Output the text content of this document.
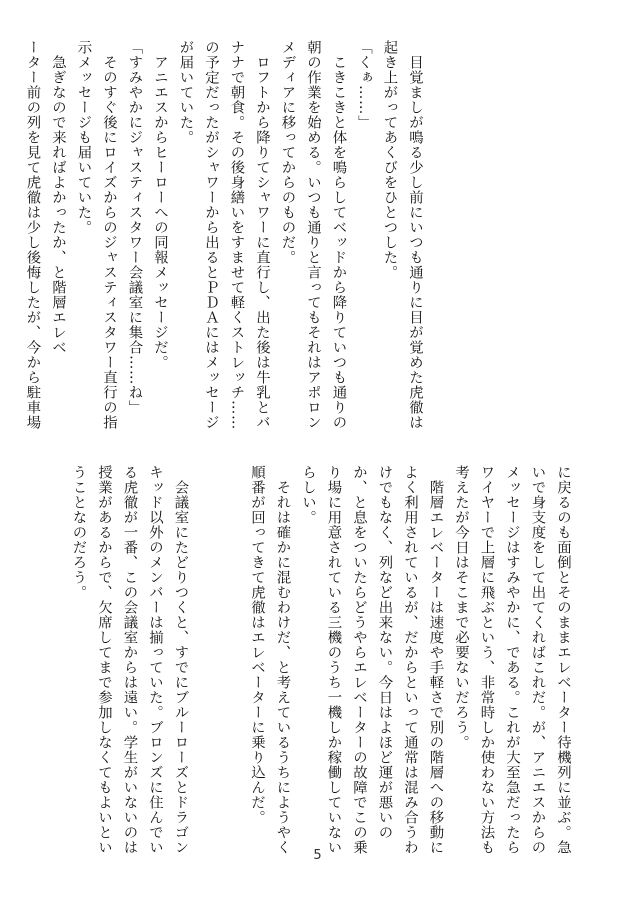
　目覚ましが鳴る少し前にいつも通りに目が覚めた虎徹は
起き上がってあくびをひとつした。
「くぁ……」
　こきこきと体を鳴らしてベッドから降りていつも通りの
朝の作業を始める。いつも通りと言ってもそれはアポロン
メディアに移ってからのものだ。
　ロフトから降りてシャワーに直行し、出た後は牛乳とバ
ナナで朝食。その後身繕いをすませて軽くストレッチ……
の予定だったがシャワーから出るとＰＤＡにはメッセージ
が届いていた。
　アニエスからヒーローへの同報メッセージだ。
「すみやかにジャスティスタワー会議室に集合……ね」
　そのすぐ後にロイズからのジャスティスタワー直行の指
示メッセージも届いていた。
　急ぎなので来ればよかったか、と階層エレベ
ーター前の列を見て虎徹は少し後悔したが、今から駐車場
に戻るのも面倒とそのままエレベーター待機列に並ぶ。急
いで身支度をして出てくればこれだ。が、アニエスからの
メッセージはすみやかに、である。これが大至急だったら
ワイヤーで上層に飛ぶという、非常時しか使わない方法も
考えたが今日はそこまで必要ないだろう。
　階層エレベーターは速度や手軽さで別の階層への移動に
よく利用されているが、だからといって通常は混み合うわ
けでもなく、列など出来ない。今日はよほど運が悪いの
か、と息をついたらどうやらエレベーターの故障でこの乗
り場に用意されている三機のうち一機しか稼働していない
らしい。
　それは確かに混むわけだ、と考えているうちにようやく
順番が回ってきて虎徹はエレベーターに乗り込んだ。

　会議室にたどりつくと、すでにブルーローズとドラゴン
キッド以外のメンバーは揃っていた。ブロンズに住んでい
る虎徹が一番、この会議室からは遠い。学生がいないのは
授業があるからで、欠席してまで参加しなくてもよいとい
うことなのだろう。
5
